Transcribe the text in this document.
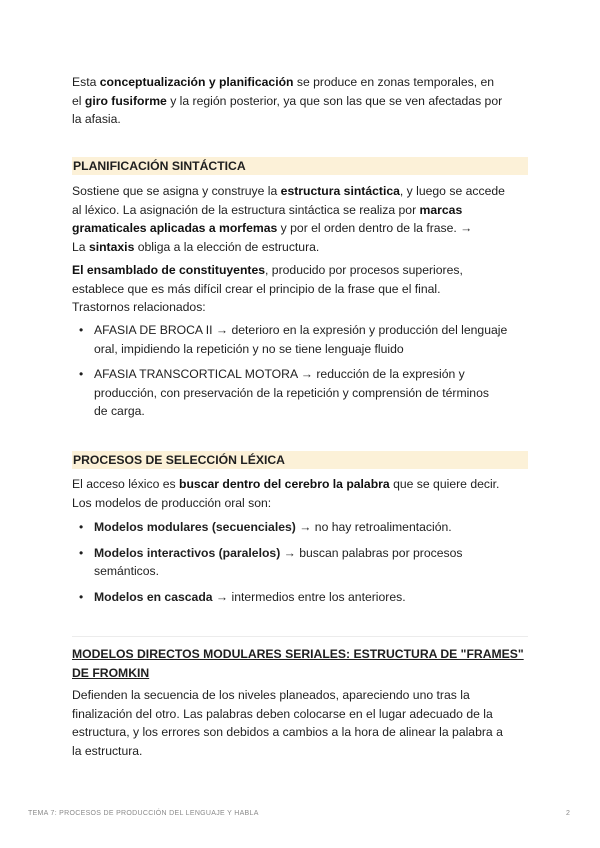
Esta conceptualización y planificación se produce en zonas temporales, en

el giro fusiforme y la región posterior, ya que son las que se ven afectadas por

la afasia.

PLANIFICACIÓN SINTÁCTICA

Sostiene que se asigna y construye la estructura sintáctica, y luego se accede

al léxico. La asignación de la estructura sintáctica se realiza por marcas

gramaticales aplicadas a morfemas y por el orden dentro de la frase. →

La sintaxis obliga a la elección de estructura.

El ensamblado de constituyentes, producido por procesos superiores,

establece que es más difícil crear el principio de la frase que el final.

Trastornos relacionados:

• AFASIA DE BROCA II → deterioro en la expresión y producción del lenguaje
oral, impidiendo la repetición y no se tiene lenguaje fluido
• AFASIA TRANSCORTICAL MOTORA → reducción de la expresión y
producción, con preservación de la repetición y comprensión de términos
de carga.
PROCESOS DE SELECCIÓN LÉXICA

El acceso léxico es buscar dentro del cerebro la palabra que se quiere decir.

Los modelos de producción oral son:

• Modelos modulares (secuenciales) → no hay retroalimentación.
• Modelos interactivos (paralelos) → buscan palabras por procesos
semánticos.
• Modelos en cascada → intermedios entre los anteriores.

MODELOS DIRECTOS MODULARES SERIALES: ESTRUCTURA DE "FRAMES"

DE FROMKIN

Defienden la secuencia de los niveles planeados, apareciendo uno tras la

finalización del otro. Las palabras deben colocarse en el lugar adecuado de la

estructura, y los errores son debidos a cambios a la hora de alinear la palabra a

la estructura.

TEMA 7: PROCESOS DE PRODUCCIÓN DEL LENGUAJE Y HABLA	2
